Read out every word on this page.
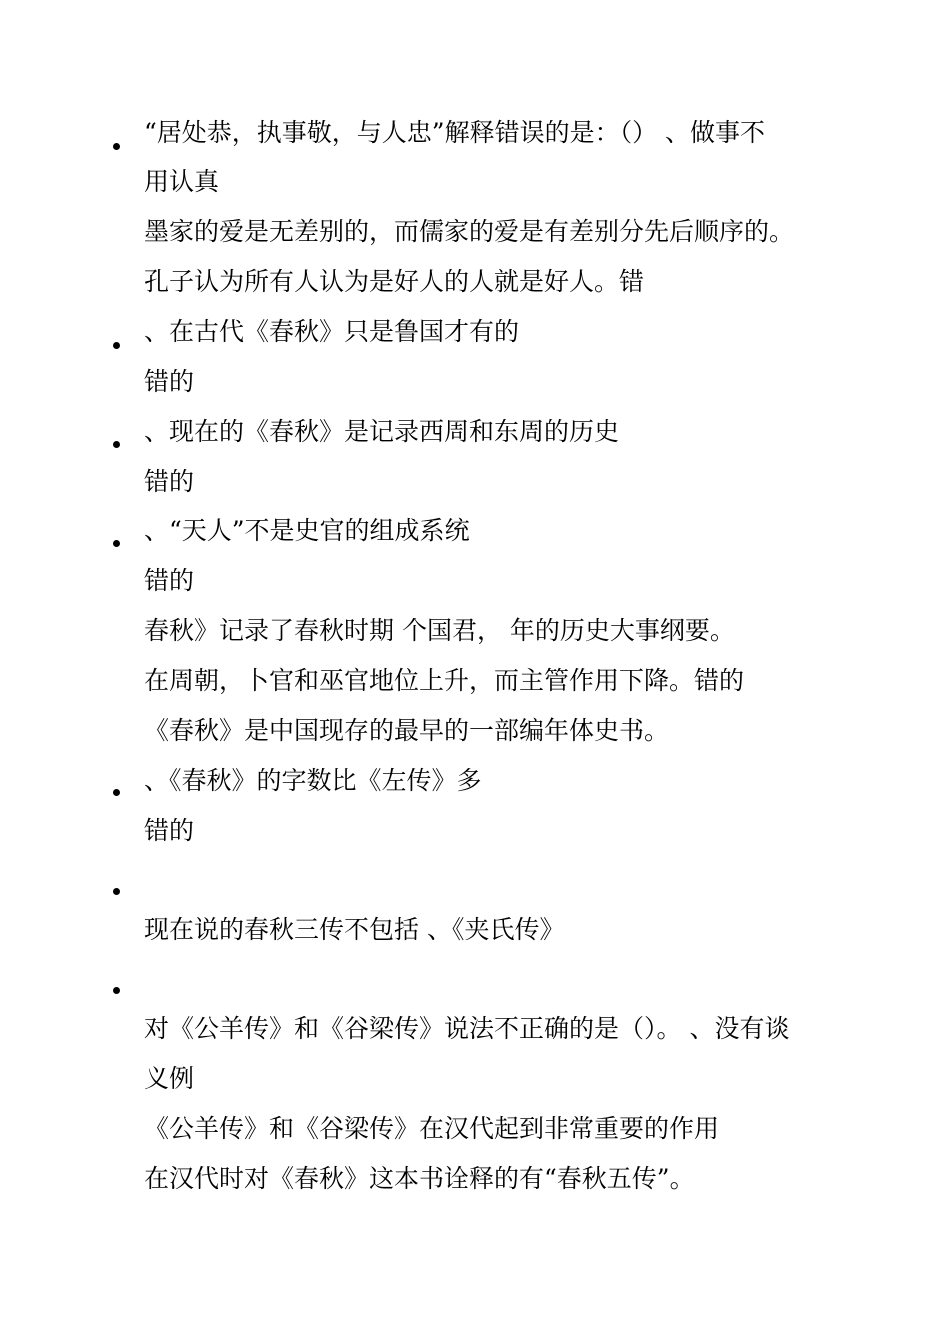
“居处恭，执事敬，与人忠”解释错误的是：（） 、做事不
用认真
墨家的爱是无差别的，而儒家的爱是有差别分先后顺序的。
孔子认为所有人认为是好人的人就是好人。错
、在古代《春秋》只是鲁国才有的
错的
、现在的《春秋》是记录西周和东周的历史
错的
、“天人”不是史官的组成系统
错的
春秋》记录了春秋时期 个国君， 年的历史大事纲要。
在周朝，卜官和巫官地位上升，而主管作用下降。错的
《春秋》是中国现存的最早的一部编年体史书。
、《春秋》的字数比《左传》多
错的
现在说的春秋三传不包括 、《夹氏传》
对《公羊传》和《谷梁传》说法不正确的是（）。 、没有谈
义例
《公羊传》和《谷梁传》在汉代起到非常重要的作用
在汉代时对《春秋》这本书诠释的有“春秋五传”。
